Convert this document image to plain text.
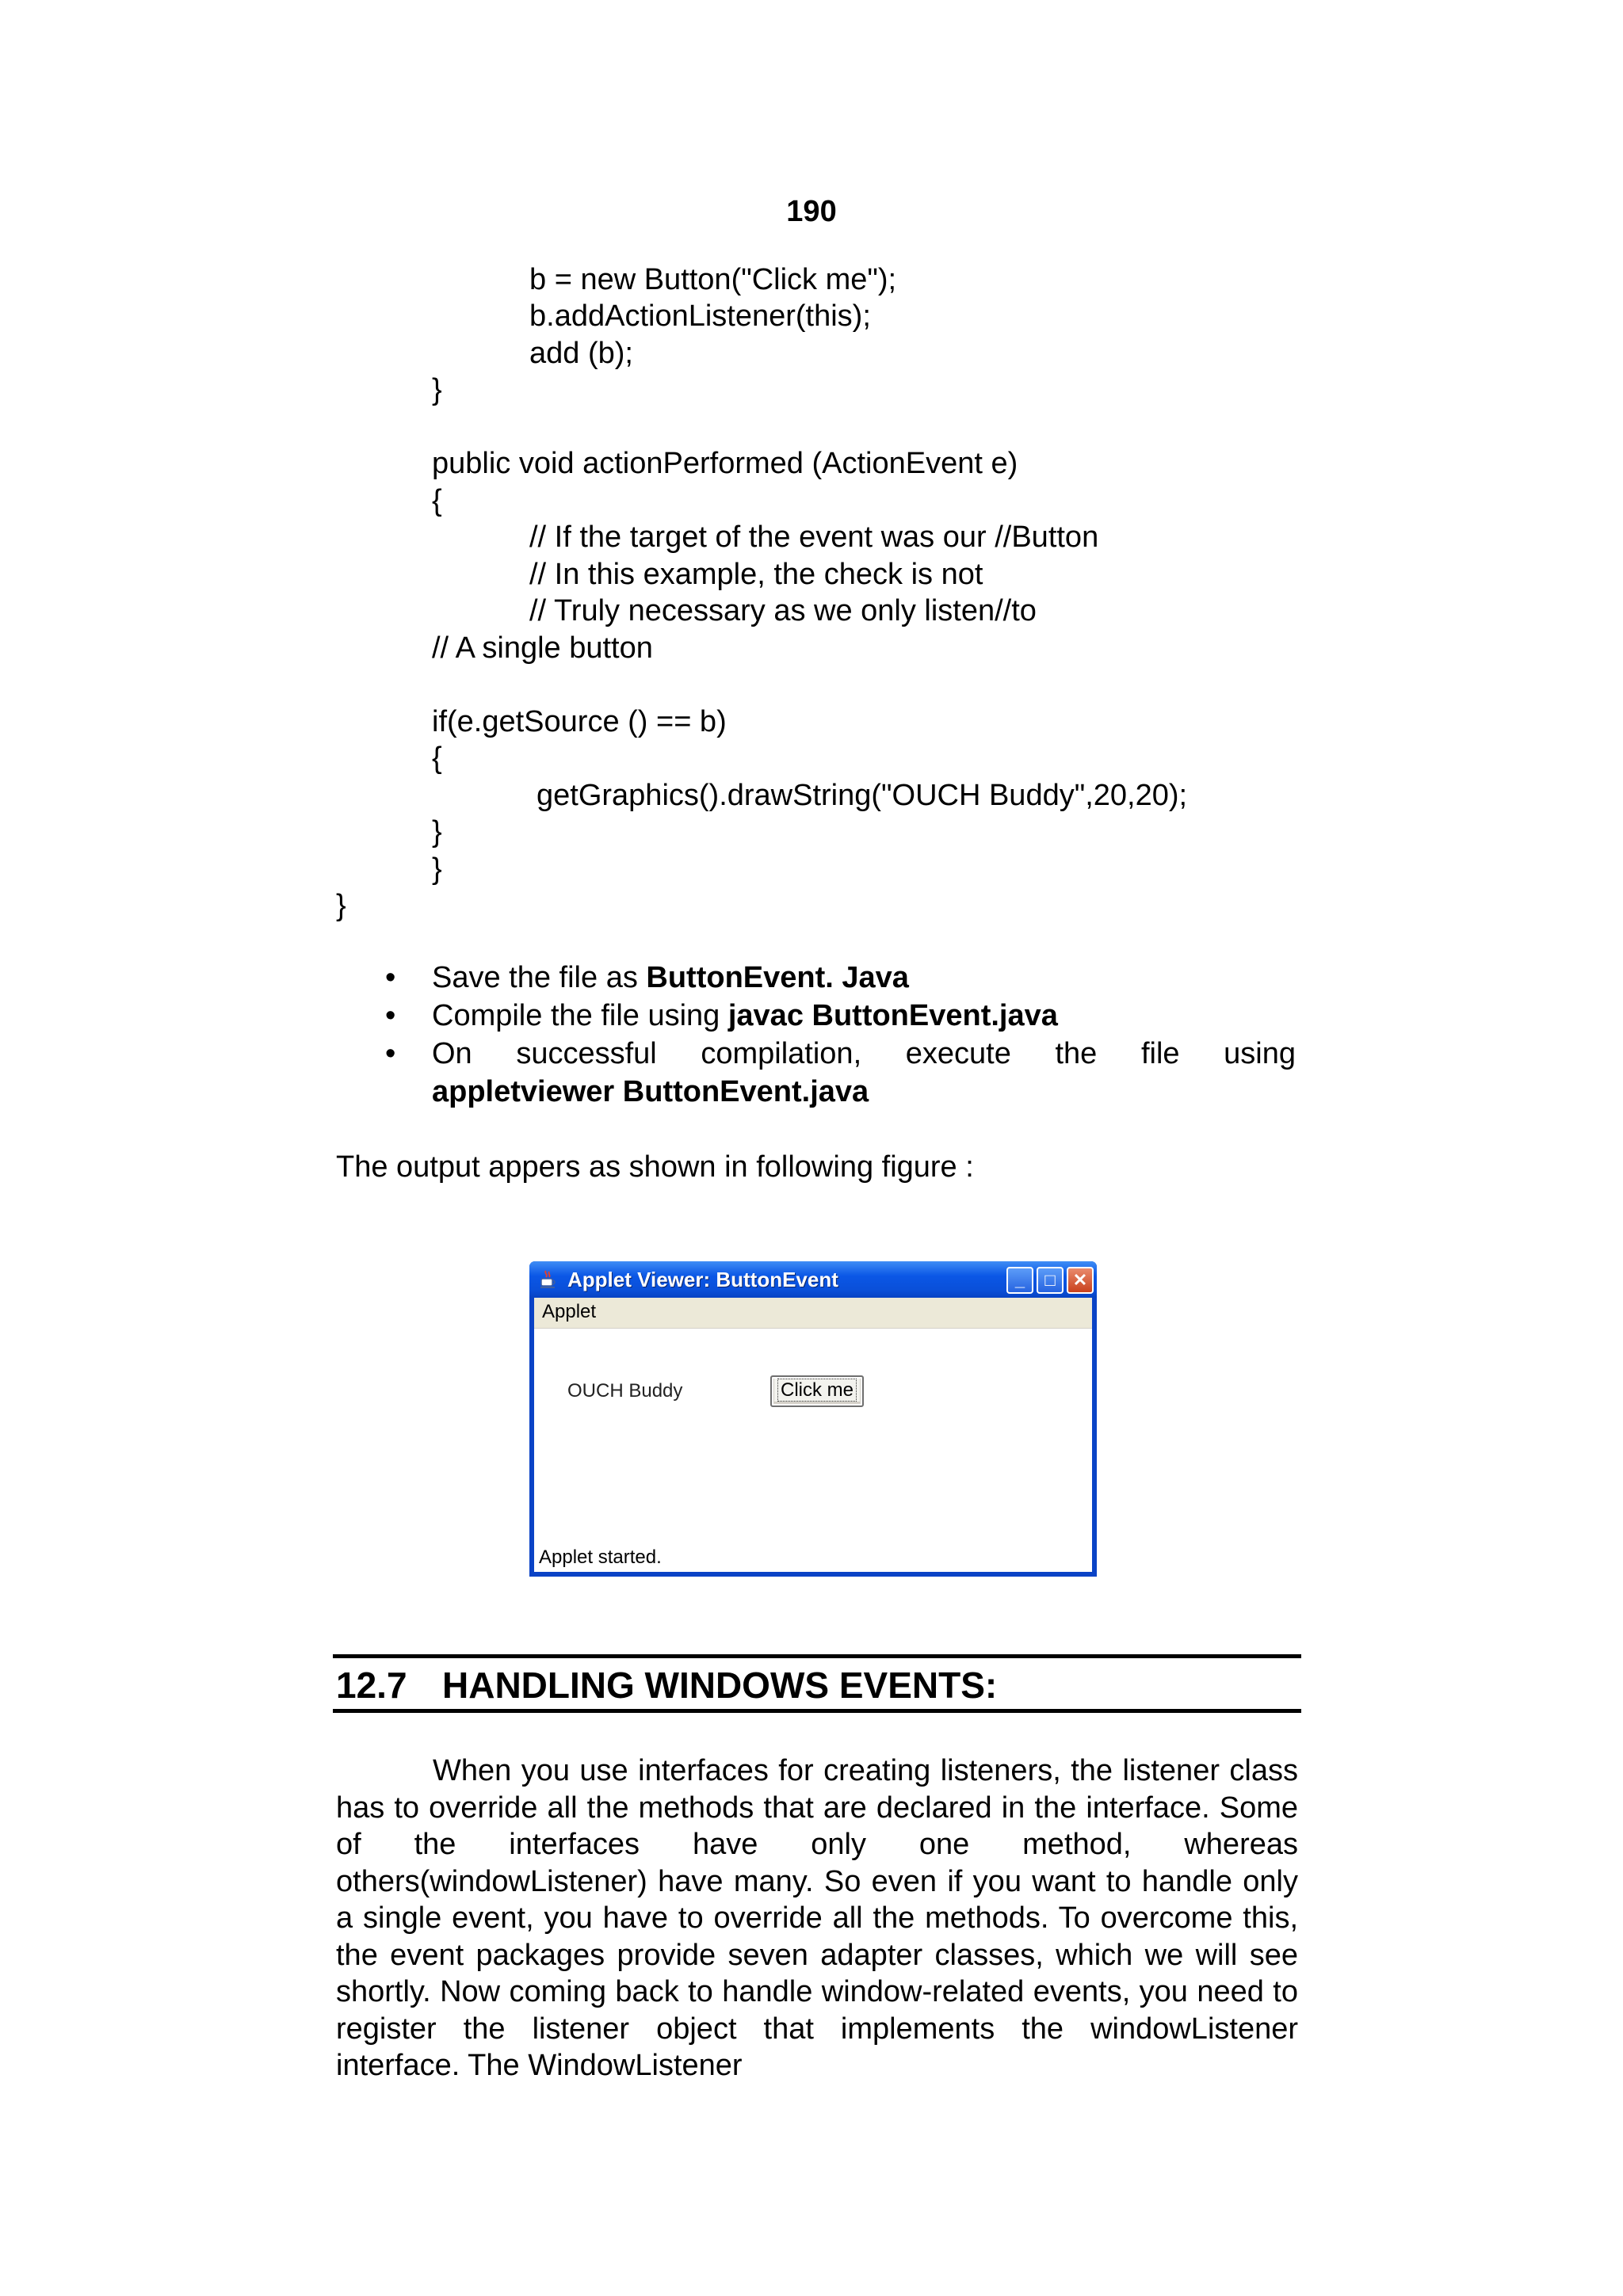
190
b = new Button("Click me");
b.addActionListener(this);
add (b);
}
public void actionPerformed (ActionEvent e)
{
// If the target of the event was our //Button
// In this example, the check is not
// Truly necessary as we only listen//to
// A single button
if(e.getSource () == b)
{
getGraphics().drawString("OUCH Buddy",20,20);
}
}
}
• Save the file as ButtonEvent. Java
• Compile the file using javac ButtonEvent.java
• On successful compilation, execute the file using
appletviewer ButtonEvent.java
The output appers as shown in following figure :
Applet Viewer: ButtonEvent	_	□	✕
Applet
OUCH Buddy	Click me
Applet started.
12.7 HANDLING WINDOWS EVENTS:

When you use interfaces for creating listeners, the listener class has to override all the methods that are declared in the interface. Some of the interfaces have only one method, whereas others(windowListener) have many. So even if you want to handle only a single event, you have to override all the methods. To overcome this, the event packages provide seven adapter classes, which we will see shortly. Now coming back to handle window-related events, you need to register the listener object that implements the windowListener interface. The WindowListener
